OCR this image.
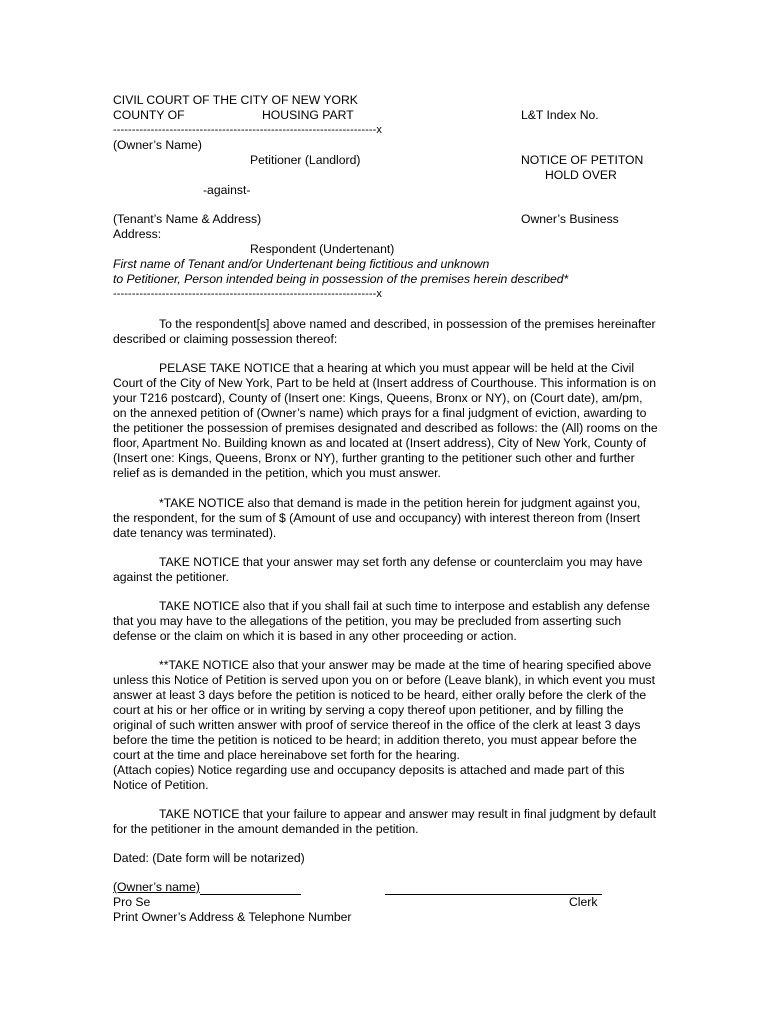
CIVIL COURT OF THE CITY OF NEW YORK
COUNTY OF	HOUSING PART	L&T Index No.
----------------------------------------------------------------------x
(Owner’s Name)
Petitioner (Landlord)	NOTICE OF PETITON
HOLD OVER
-against-
(Tenant’s Name & Address)	Owner’s Business
Address:
Respondent (Undertenant)
First name of Tenant and/or Undertenant being fictitious and unknown
to Petitioner, Person intended being in possession of the premises herein described*
----------------------------------------------------------------------x
To the respondent[s] above named and described, in possession of the premises hereinafter described or claiming possession thereof:
PELASE TAKE NOTICE that a hearing at which you must appear will be held at the Civil Court of the City of New York, Part to be held at (Insert address of Courthouse. This information is on your T216 postcard), County of (Insert one: Kings, Queens, Bronx or NY), on (Court date), am/pm, on the annexed petition of (Owner’s name) which prays for a final judgment of eviction, awarding to the petitioner the possession of premises designated and described as follows: the (All) rooms on the floor, Apartment No. Building known as and located at (Insert address), City of New York, County of (Insert one: Kings, Queens, Bronx or NY), further granting to the petitioner such other and further relief as is demanded in the petition, which you must answer.
*TAKE NOTICE also that demand is made in the petition herein for judgment against you, the respondent, for the sum of $ (Amount of use and occupancy) with interest thereon from (Insert date tenancy was terminated).
TAKE NOTICE that your answer may set forth any defense or counterclaim you may have against the petitioner.
TAKE NOTICE also that if you shall fail at such time to interpose and establish any defense that you may have to the allegations of the petition, you may be precluded from asserting such defense or the claim on which it is based in any other proceeding or action.
**TAKE NOTICE also that your answer may be made at the time of hearing specified above unless this Notice of Petition is served upon you on or before (Leave blank), in which event you must answer at least 3 days before the petition is noticed to be heard, either orally before the clerk of the court at his or her office or in writing by serving a copy thereof upon petitioner, and by filling the original of such written answer with proof of service thereof in the office of the clerk at least 3 days before the time the petition is noticed to be heard; in addition thereto, you must appear before the court at the time and place hereinabove set forth for the hearing.
(Attach copies) Notice regarding use and occupancy deposits is attached and made part of this Notice of Petition.
TAKE NOTICE that your failure to appear and answer may result in final judgment by default for the petitioner in the amount demanded in the petition.
Dated: (Date form will be notarized)
(Owner’s name)
Pro Se	Clerk
Print Owner’s Address & Telephone Number
